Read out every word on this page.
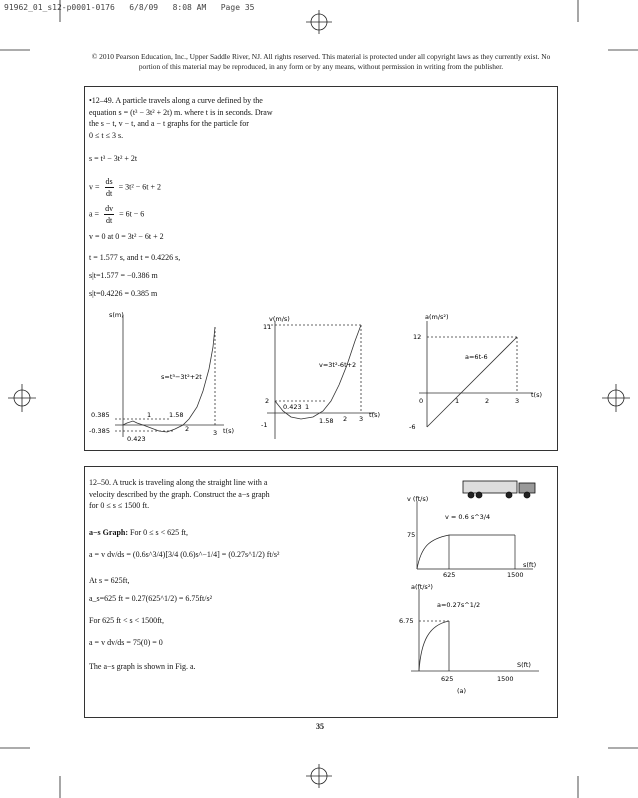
91962_01_s12-p0001-0176   6/8/09   8:08 AM   Page 35
© 2010 Pearson Education, Inc., Upper Saddle River, NJ. All rights reserved. This material is protected under all copyright laws as they currently exist. No portion of this material may be reproduced, in any form or by any means, without permission in writing from the publisher.
•12–49. A particle travels along a curve defined by the
equation s = (t³ − 3t² + 2t) m. where t is in seconds. Draw
the s − t, v − t, and a − t graphs for the particle for
0 ≤ t ≤ 3 s.
s = t³ − 3t² + 2t
$v = \frac{ds}{dt} = 3t^2 - 6t + 2$
$a = \frac{dv}{dt} = 6t - 6$
v = 0 at 0 = 3t² − 6t + 2
t = 1.577 s, and t = 0.4226 s,
s|t=1.577 = −0.386 m
s|t=0.4226 = 0.385 m
s(m)
t(s)
s=t³−3t²+2t
0.385
-0.385
1	1.58
2	3
0.423
v(m/s)
t(s)
v=3t²-6t+2
11
2
-1
0.423 1
1.58 2 3
a(m/s²)
t(s)
a=6t-6
12
-6
0	1	2	3
12–50. A truck is traveling along the straight line with a
velocity described by the graph. Construct the a−s graph
for 0 ≤ s ≤ 1500 ft.
a−s Graph: For 0 ≤ s < 625 ft,
a = v dv/ds = (0.6s^3/4)[3/4 (0.6)s^−1/4] = (0.27s^1/2) ft/s²
At s = 625ft,
a_s=625 ft = 0.27(625^1/2) = 6.75ft/s²
For 625 ft < s < 1500ft,
a = v dv/ds = 75(0) = 0
The a−s graph is shown in Fig. a.
v (ft/s)
s(ft)
v = 0.6 s^3/4
75
625	1500
a(ft/s²)
S(ft)
a=0.27s^1/2
6.75
625	1500
(a)
35
